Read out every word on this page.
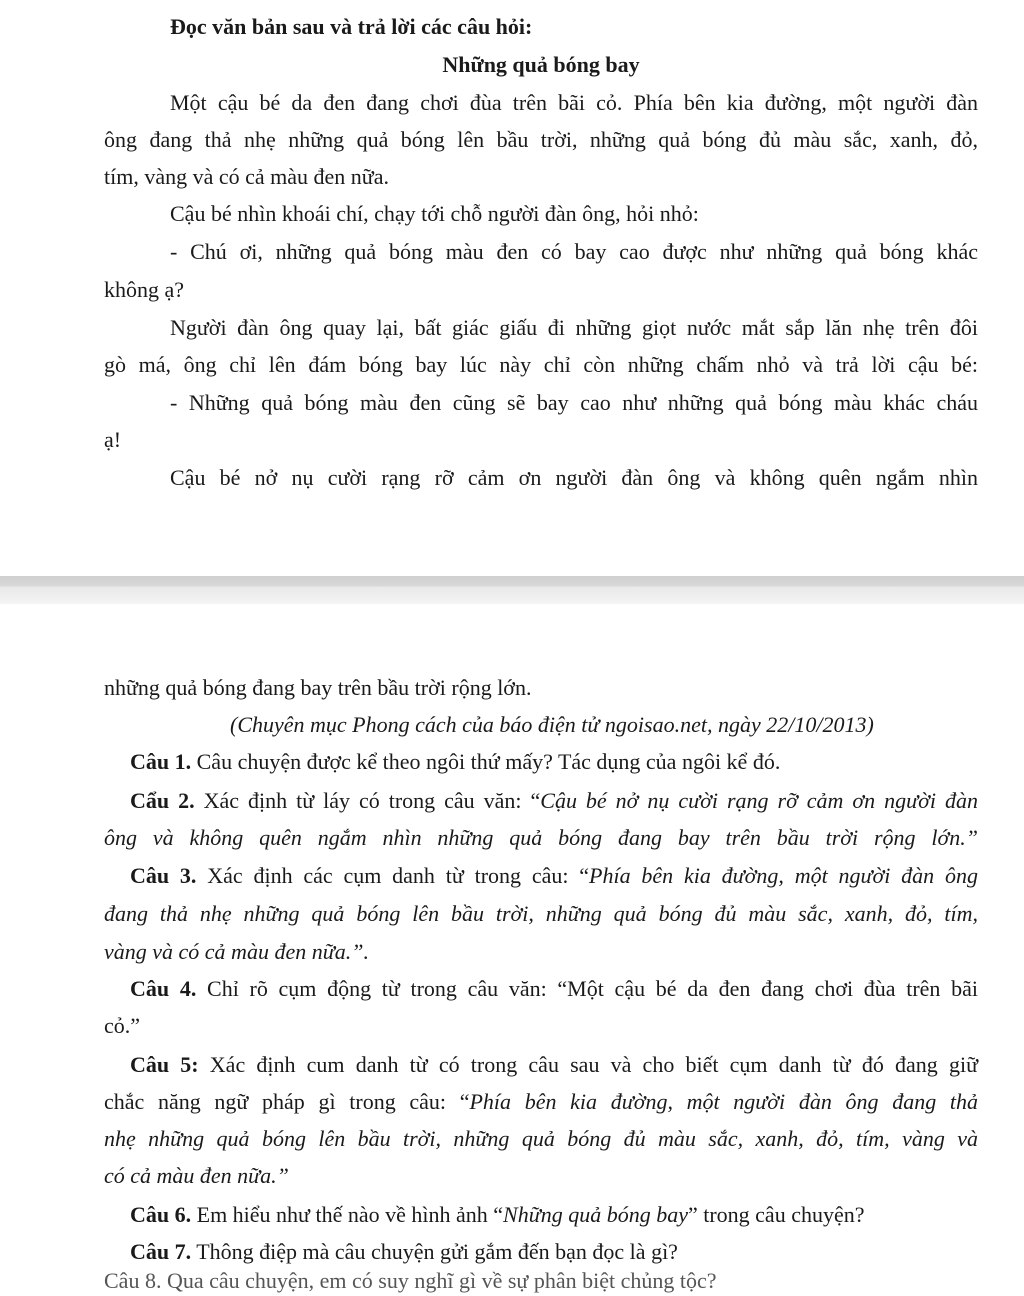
Đọc văn bản sau và trả lời các câu hỏi:

Những quả bóng bay

Một cậu bé da đen đang chơi đùa trên bãi cỏ. Phía bên kia đường, một người đàn

ông đang thả nhẹ những quả bóng lên bầu trời, những quả bóng đủ màu sắc, xanh, đỏ,

tím, vàng và có cả màu đen nữa.

Cậu bé nhìn khoái chí, chạy tới chỗ người đàn ông, hỏi nhỏ:

- Chú ơi, những quả bóng màu đen có bay cao được như những quả bóng khác

không ạ?

Người đàn ông quay lại, bất giác giấu đi những giọt nước mắt sắp lăn nhẹ trên đôi

gò má, ông chỉ lên đám bóng bay lúc này chỉ còn những chấm nhỏ và trả lời cậu bé:

- Những quả bóng màu đen cũng sẽ bay cao như những quả bóng màu khác cháu

ạ!

Cậu bé nở nụ cười rạng rỡ cảm ơn người đàn ông và không quên ngắm nhìn

những quả bóng đang bay trên bầu trời rộng lớn.

(Chuyên mục Phong cách của báo điện tử ngoisao.net, ngày 22/10/2013)

Câu 1. Câu chuyện được kể theo ngôi thứ mấy? Tác dụng của ngôi kể đó.

Cẩu 2. Xác định từ láy có trong câu văn: “Cậu bé nở nụ cười rạng rỡ cảm ơn người đàn

ông và không quên ngắm nhìn những quả bóng đang bay trên bầu trời rộng lớn.”

Câu 3. Xác định các cụm danh từ trong câu: “Phía bên kia đường, một người đàn ông

đang thả nhẹ những quả bóng lên bầu trời, những quả bóng đủ màu sắc, xanh, đỏ, tím,

vàng và có cả màu đen nữa.”.

Câu 4. Chỉ rõ cụm động từ trong câu văn: “Một cậu bé da đen đang chơi đùa trên bãi

cỏ.”

Câu 5: Xác định cum danh từ có trong câu sau và cho biết cụm danh từ đó đang giữ

chắc năng ngữ pháp gì trong câu: “Phía bên kia đường, một người đàn ông đang thả

nhẹ những quả bóng lên bầu trời, những quả bóng đủ màu sắc, xanh, đỏ, tím, vàng và

có cả màu đen nữa.”

Câu 6. Em hiểu như thế nào về hình ảnh “Những quả bóng bay” trong câu chuyện?

Câu 7. Thông điệp mà câu chuyện gửi gắm đến bạn đọc là gì?

Câu 8. Qua câu chuyện, em có suy nghĩ gì về sự phân biệt chủng tộc?
